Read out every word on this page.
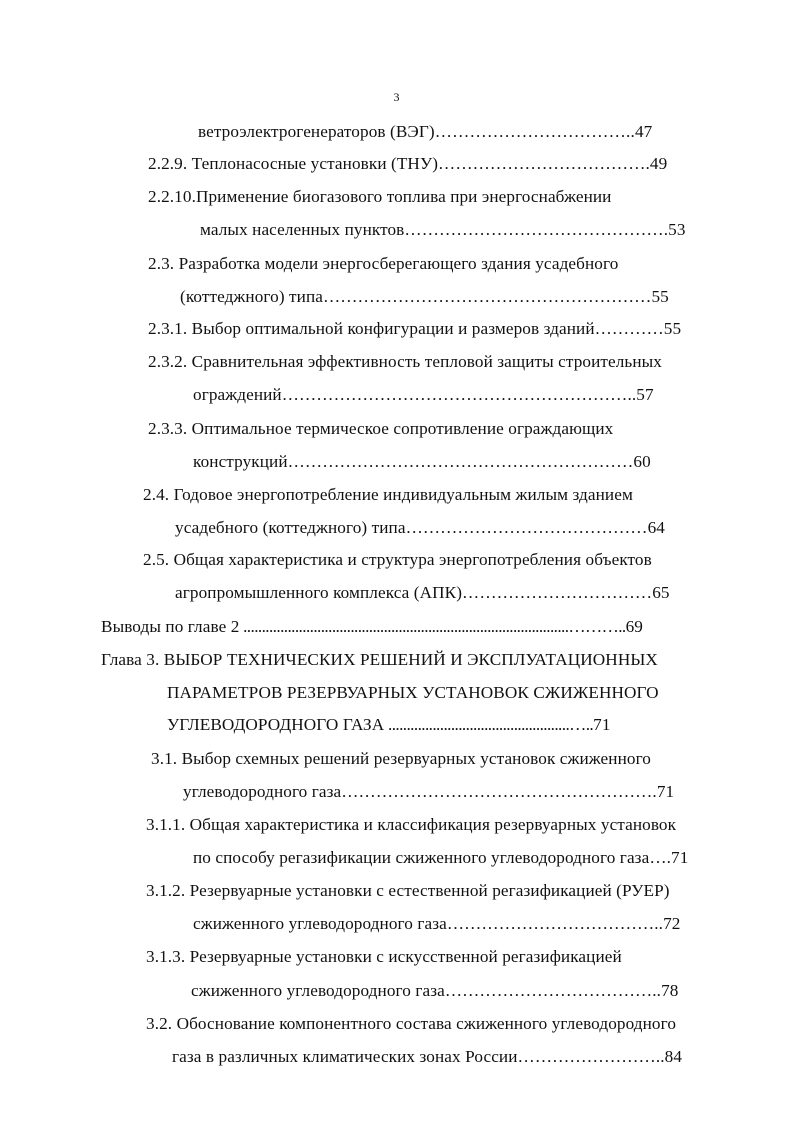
3
ветроэлектрогенераторов (ВЭГ)……………………………..47
2.2.9. Теплонасосные установки (ТНУ)……………………………….49
2.2.10.Применение биогазового топлива при энергоснабжении
малых населенных пунктов……………………………………….53
2.3. Разработка модели энергосберегающего здания усадебного
(коттеджного) типа…………………………………………………55
2.3.1. Выбор оптимальной конфигурации и размеров зданий…………55
2.3.2. Сравнительная эффективность тепловой защиты строительных
ограждений……………………………………………………..57
2.3.3. Оптимальное термическое сопротивление ограждающих
конструкций……………………………………………………60
2.4. Годовое энергопотребление индивидуальным жилым зданием
усадебного (коттеджного) типа……………………………………64
2.5. Общая характеристика и структура энергопотребления объектов
агропромышленного комплекса (АПК)……………………………65
Выводы по главе 2 ........................................................................................………..69
Глава 3. ВЫБОР ТЕХНИЧЕСКИХ РЕШЕНИЙ И ЭКСПЛУАТАЦИОННЫХ
ПАРАМЕТРОВ РЕЗЕРВУАРНЫХ УСТАНОВОК СЖИЖЕННОГО
УГЛЕВОДОРОДНОГО ГАЗА .................................................…..71
3.1. Выбор схемных решений резервуарных установок сжиженного
углеводородного газа……………………………………………….71
3.1.1. Общая характеристика и классификация резервуарных установок
по способу регазификации сжиженного углеводородного газа….71
3.1.2. Резервуарные установки с естественной регазификацией (РУЕР)
сжиженного углеводородного газа………………………………..72
3.1.3. Резервуарные установки с искусственной регазификацией
сжиженного углеводородного газа………………………………..78
3.2. Обоснование компонентного состава сжиженного углеводородного
газа в различных климатических зонах России……………………..84
